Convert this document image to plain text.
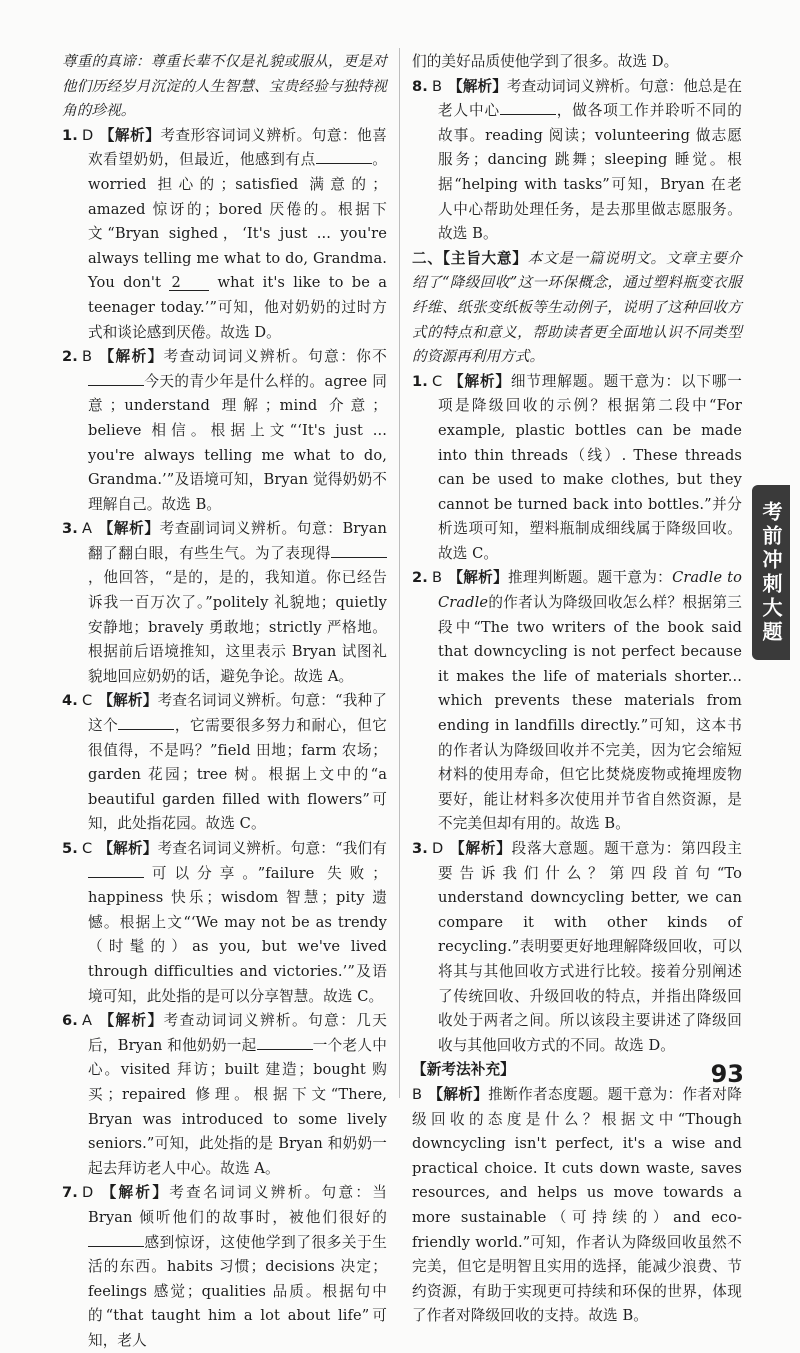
尊重的真谛：尊重长辈不仅是礼貌或服从，更是对他们历经岁月沉淀的人生智慧、宝贵经验与独特视角的珍视。

1. D 【解析】考查形容词词义辨析。句意：他喜欢看望奶奶，但最近，他感到有点	。worried 担心的；satisfied 满意的；amazed 惊讶的；bored 厌倦的。根据下文“Bryan sighed，‘It's just ... you're always telling me what to do, Grandma. You don't 2	what it's like to be a teenager today.’”可知，他对奶奶的过时方式和谈论感到厌倦。故选 D。

2. B 【解析】考查动词词义辨析。句意：你不今天的青少年是什么样的。agree 同意；understand 理解；mind 介意；believe 相信。根据上文“‘It's just ... you're always telling me what to do, Grandma.’”及语境可知，Bryan 觉得奶奶不理解自己。故选 B。

3. A 【解析】考查副词词义辨析。句意：Bryan 翻了翻白眼，有些生气。为了表现得，他回答，“是的，是的，我知道。你已经告诉我一百万次了。”politely 礼貌地；quietly 安静地；bravely 勇敢地；strictly 严格地。根据前后语境推知，这里表示 Bryan 试图礼貌地回应奶奶的话，避免争论。故选 A。

4. C 【解析】考查名词词义辨析。句意：“我种了这个	，它需要很多努力和耐心，但它很值得，不是吗？”field 田地；farm 农场；garden 花园；tree 树。根据上文中的“a beautiful garden filled with flowers”可知，此处指花园。故选 C。

5. C 【解析】考查名词词义辨析。句意：“我们有可以分享。”failure 失败；happiness 快乐；wisdom 智慧；pity 遗憾。根据上文“‘We may not be as trendy（时髦的）as you, but we've lived through difficulties and victories.’”及语境可知，此处指的是可以分享智慧。故选 C。

6. A 【解析】考查动词词义辨析。句意：几天后，Bryan 和他奶奶一起	一个老人中心。visited 拜访；built 建造；bought 购买；repaired 修理。根据下文“There, Bryan was introduced to some lively seniors.”可知，此处指的是 Bryan 和奶奶一起去拜访老人中心。故选 A。

7. D 【解析】考查名词词义辨析。句意：当 Bryan 倾听他们的故事时，被他们很好的感到惊讶，这使他学到了很多关于生活的东西。habits 习惯；decisions 决定；feelings 感觉；qualities 品质。根据句中的“that taught him a lot about life”可知，老人

们的美好品质使他学到了很多。故选 D。

8. B 【解析】考查动词词义辨析。句意：他总是在老人中心	，做各项工作并聆听不同的故事。reading 阅读；volunteering 做志愿服务；dancing 跳舞；sleeping 睡觉。根据“helping with tasks”可知，Bryan 在老人中心帮助处理任务，是去那里做志愿服务。故选 B。

二、【主旨大意】本文是一篇说明文。文章主要介绍了“降级回收”这一环保概念，通过塑料瓶变衣服纤维、纸张变纸板等生动例子，说明了这种回收方式的特点和意义，帮助读者更全面地认识不同类型的资源再利用方式。

1. C 【解析】细节理解题。题干意为：以下哪一项是降级回收的示例？根据第二段中“For example, plastic bottles can be made into thin threads（线）. These threads can be used to make clothes, but they cannot be turned back into bottles.”并分析选项可知，塑料瓶制成细线属于降级回收。故选 C。

2. B 【解析】推理判断题。题干意为：Cradle to Cradle的作者认为降级回收怎么样？根据第三段中“The two writers of the book said that downcycling is not perfect because it makes the life of materials shorter... which prevents these materials from ending in landfills directly.”可知，这本书的作者认为降级回收并不完美，因为它会缩短材料的使用寿命，但它比焚烧废物或掩埋废物要好，能让材料多次使用并节省自然资源，是不完美但却有用的。故选 B。

3. D 【解析】段落大意题。题干意为：第四段主要告诉我们什么？第四段首句“To understand downcycling better, we can compare it with other kinds of recycling.”表明要更好地理解降级回收，可以将其与其他回收方式进行比较。接着分别阐述了传统回收、升级回收的特点，并指出降级回收处于两者之间。所以该段主要讲述了降级回收与其他回收方式的不同。故选 D。

【新考法补充】

B 【解析】推断作者态度题。题干意为：作者对降级回收的态度是什么？根据文中“Though downcycling isn't perfect, it's a wise and practical choice. It cuts down waste, saves resources, and helps us move towards a more sustainable（可持续的）and eco-friendly world.”可知，作者认为降级回收虽然不完美，但它是明智且实用的选择，能减少浪费、节约资源，有助于实现更可持续和环保的世界，体现了作者对降级回收的支持。故选 B。

考前冲刺大题
93
